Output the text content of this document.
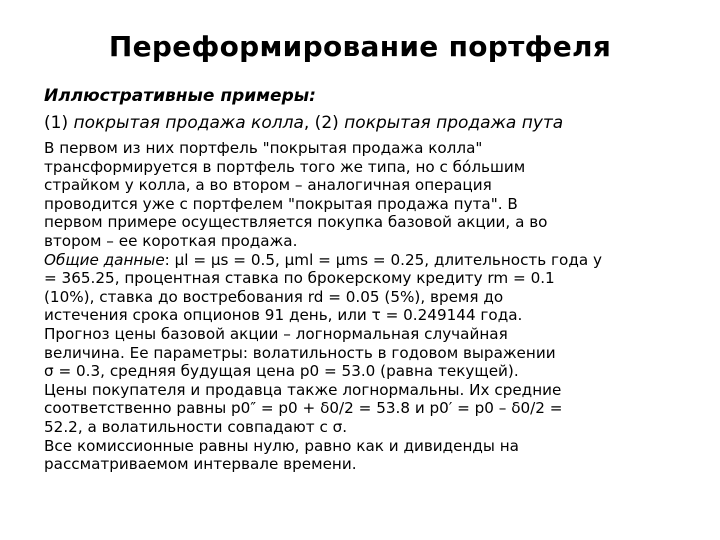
Переформирование портфеля
Иллюстративные примеры:
(1) покрытая продажа колла, (2) покрытая продажа пута

В первом из них портфель "покрытая продажа колла"
трансформируется в портфель того же типа, но с бóльшим
страйком у колла, а во втором – аналогичная операция
проводится уже с портфелем "покрытая продажа пута". В
первом примере осуществляется покупка базовой акции, а во
втором – ее короткая продажа.

Общие данные: μl = μs = 0.5, μml = μms = 0.25, длительность года y
= 365.25, процентная ставка по брокерскому кредиту rm = 0.1
(10%), ставка до востребования rd = 0.05 (5%), время до
истечения срока опционов 91 день, или τ = 0.249144 года.
Прогноз цены базовой акции – логнормальная случайная
величина. Ее параметры: волатильность в годовом выражении
σ = 0.3, средняя будущая цена p0 = 53.0 (равна текущей).

Цены покупателя и продавца также логнормальны. Их средние
соответственно равны p0″ = p0 + δ0/2 = 53.8 и p0′ = p0 – δ0/2 =
52.2, а волатильности совпадают с σ.

Все комиссионные равны нулю, равно как и дивиденды на
рассматриваемом интервале времени.
